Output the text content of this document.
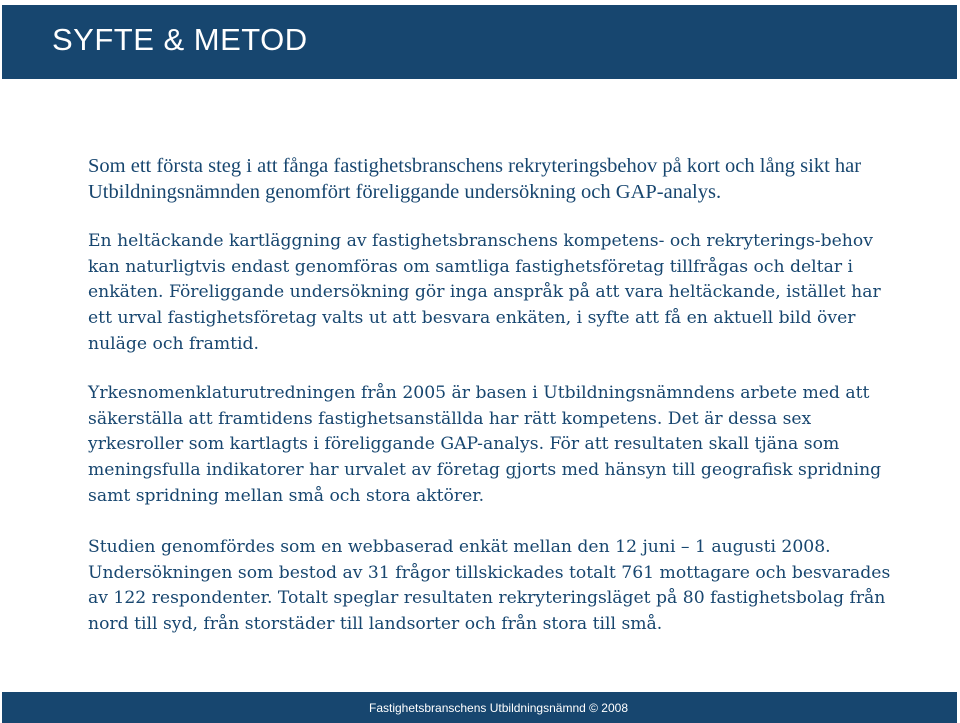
SYFTE & METOD

Som ett första steg i att fånga fastighetsbranschens rekryteringsbehov på kort och lång sikt har Utbildningsnämnden genomfört föreliggande undersökning och GAP-analys.

En heltäckande kartläggning av fastighetsbranschens kompetens- och rekryterings-behov kan naturligtvis endast genomföras om samtliga fastighetsföretag tillfrågas och deltar i enkäten. Föreliggande undersökning gör inga anspråk på att vara heltäckande, istället har ett urval fastighetsföretag valts ut att besvara enkäten, i syfte att få en aktuell bild över nuläge och framtid.

Yrkesnomenklaturutredningen från 2005 är basen i Utbildningsnämndens arbete med att säkerställa att framtidens fastighetsanställda har rätt kompetens. Det är dessa sex yrkesroller som kartlagts i föreliggande GAP-analys. För att resultaten skall tjäna som meningsfulla indikatorer har urvalet av företag gjorts med hänsyn till geografisk spridning samt spridning mellan små och stora aktörer.

Studien genomfördes som en webbaserad enkät mellan den 12 juni – 1 augusti 2008. Undersökningen som bestod av 31 frågor tillskickades totalt 761 mottagare och besvarades av 122 respondenter. Totalt speglar resultaten rekryteringsläget på 80 fastighetsbolag från nord till syd, från storstäder till landsorter och från stora till små.

Fastighetsbranschens Utbildningsnämnd © 2008
